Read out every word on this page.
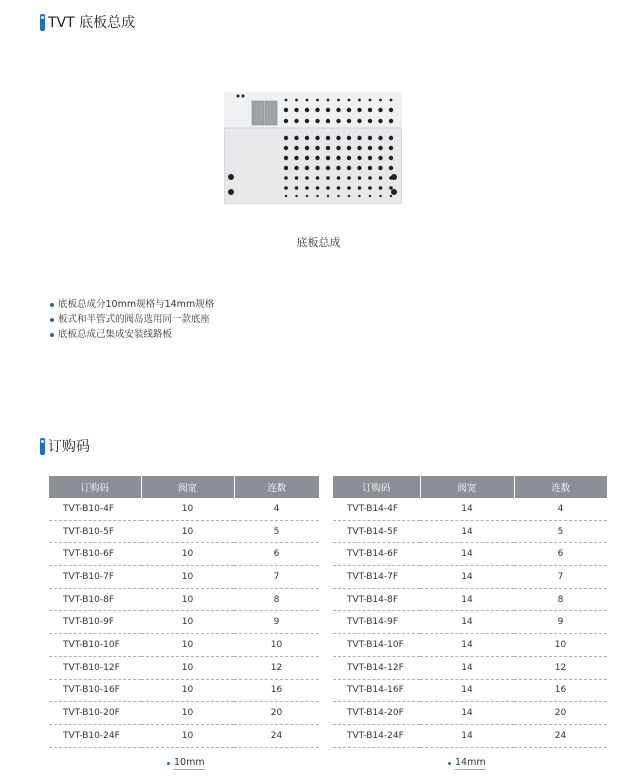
TVT 底板总成
底板总成
底板总成分10mm规格与14mm规格
板式和半管式的阀岛选用同一款底座
底板总成己集成安装线路板
订购码
订购码	阀宽	连数
TVT-B10-4F	10	4
TVT-B10-5F	10	5
TVT-B10-6F	10	6
TVT-B10-7F	10	7
TVT-B10-8F	10	8
TVT-B10-9F	10	9
TVT-B10-10F	10	10
TVT-B10-12F	10	12
TVT-B10-16F	10	16
TVT-B10-20F	10	20
TVT-B10-24F	10	24
订购码	阀宽	连数
TVT-B14-4F	14	4
TVT-B14-5F	14	5
TVT-B14-6F	14	6
TVT-B14-7F	14	7
TVT-B14-8F	14	8
TVT-B14-9F	14	9
TVT-B14-10F	14	10
TVT-B14-12F	14	12
TVT-B14-16F	14	16
TVT-B14-20F	14	20
TVT-B14-24F	14	24
10mm	14mm
